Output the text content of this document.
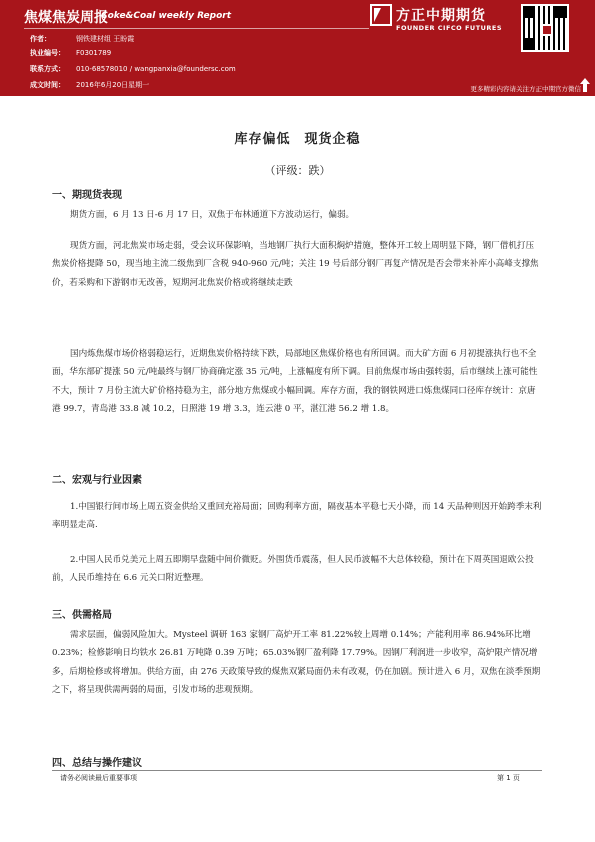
焦煤焦炭周报
Coke&Coal weekly Report
作者：	钢铁建材组 王盼霞
执业编号： F0301789
联系方式： 010-68578010 / wangpanxia@foundersc.com
成文时间： 2016年6月20日星期一
方正中期期货
FOUNDER CIFCO FUTURES
更多精彩内容请关注方正中期官方微信
库存偏低　现货企稳
（评级：跌）
一、期现货表现
期货方面，6 月 13 日-6 月 17 日，双焦于布林通道下方波动运行，偏弱。
现货方面，河北焦炭市场走弱，受会议环保影响，当地钢厂执行大面积焖炉措施，整体开工较上周明显下降，钢厂借机打压焦炭价格提降 50，现当地主流二级焦到厂含税 940-960 元/吨；关注 19 号后部分钢厂再复产情况是否会带来补库小高峰支撑焦价，若采购和下游钢市无改善，短期河北焦炭价格或将继续走跌
国内炼焦煤市场价格弱稳运行，近期焦炭价格持续下跌，局部地区焦煤价格也有所回调。而大矿方面 6 月初提涨执行也不全面，华东部矿提涨 50 元/吨最终与钢厂协商确定涨 35 元/吨，上涨幅度有所下调。目前焦煤市场由强转弱，后市继续上涨可能性不大，预计 7 月份主流大矿价格持稳为主，部分地方焦煤或小幅回调。库存方面，我的钢铁网进口炼焦煤同口径库存统计：京唐港 99.7，青岛港 33.8 减 10.2，日照港 19 增 3.3，连云港 0 平，湛江港 56.2 增 1.8。
二、宏观与行业因素
1.中国银行间市场上周五资金供给又重回充裕局面；回购利率方面，隔夜基本平稳七天小降，而 14 天品种则因开始跨季末利率明显走高.
2.中国人民币兑美元上周五即期早盘随中间价微贬。外围货币震荡，但人民币波幅不大总体较稳，预计在下周英国退欧公投前，人民币维持在 6.6 元关口附近整理。
三、供需格局
需求层面，偏弱风险加大。Mysteel 调研 163 家钢厂高炉开工率 81.22%较上周增 0.14%；产能利用率 86.94%环比增 0.23%；检修影响日均铁水 26.81 万吨降 0.39 万吨；65.03%钢厂盈利降 17.79%。因钢厂利润进一步收窄，高炉限产情况增多，后期检修或将增加。供给方面，由 276 天政策导致的煤焦双紧局面仍未有改观，仍在加剧。预计进入 6 月，双焦在淡季预期之下，将呈现供需两弱的局面，引发市场的悲观预期。
四、总结与操作建议
请务必阅读最后重要事项	第 1 页
